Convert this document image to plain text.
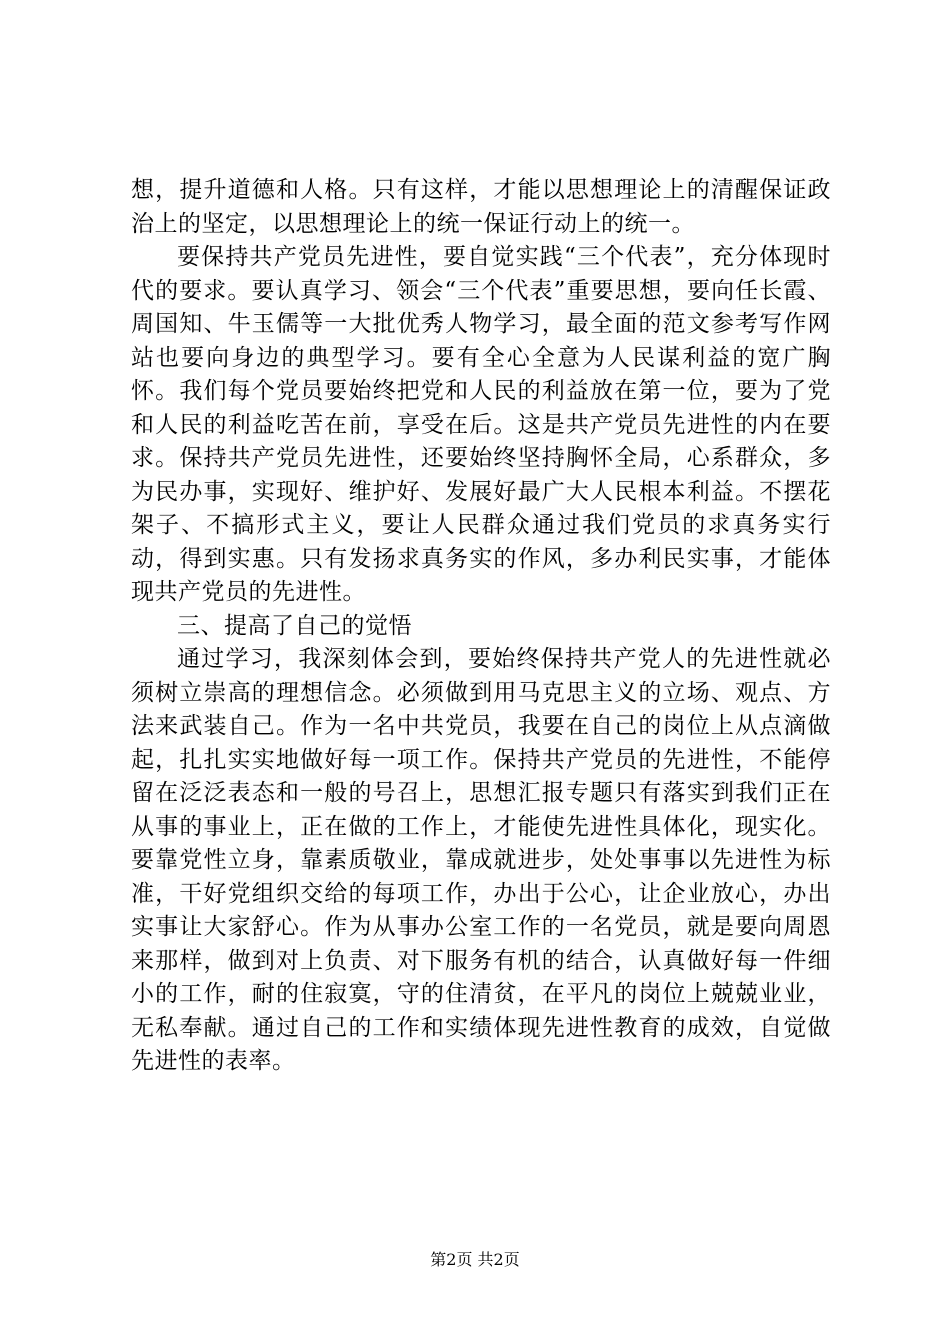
想，提升道德和人格。只有这样，才能以思想理论上的清醒保证政治上的坚定，以思想理论上的统一保证行动上的统一。

要保持共产党员先进性，要自觉实践“三个代表”，充分体现时代的要求。要认真学习、领会“三个代表”重要思想，要向任长霞、周国知、牛玉儒等一大批优秀人物学习，最全面的范文参考写作网站也要向身边的典型学习。要有全心全意为人民谋利益的宽广胸怀。我们每个党员要始终把党和人民的利益放在第一位，要为了党和人民的利益吃苦在前，享受在后。这是共产党员先进性的内在要求。保持共产党员先进性，还要始终坚持胸怀全局，心系群众，多为民办事，实现好、维护好、发展好最广大人民根本利益。不摆花架子、不搞形式主义，要让人民群众通过我们党员的求真务实行动，得到实惠。只有发扬求真务实的作风，多办利民实事，才能体现共产党员的先进性。

三、提高了自己的觉悟

通过学习，我深刻体会到，要始终保持共产党人的先进性就必须树立崇高的理想信念。必须做到用马克思主义的立场、观点、方法来武装自己。作为一名中共党员，我要在自己的岗位上从点滴做起，扎扎实实地做好每一项工作。保持共产党员的先进性，不能停留在泛泛表态和一般的号召上，思想汇报专题只有落实到我们正在从事的事业上，正在做的工作上，才能使先进性具体化，现实化。要靠党性立身，靠素质敬业，靠成就进步，处处事事以先进性为标准，干好党组织交给的每项工作，办出于公心，让企业放心，办出实事让大家舒心。作为从事办公室工作的一名党员，就是要向周恩来那样，做到对上负责、对下服务有机的结合，认真做好每一件细小的工作，耐的住寂寞，守的住清贫，在平凡的岗位上兢兢业业，无私奉献。通过自己的工作和实绩体现先进性教育的成效，自觉做先进性的表率。

第2页 共2页
